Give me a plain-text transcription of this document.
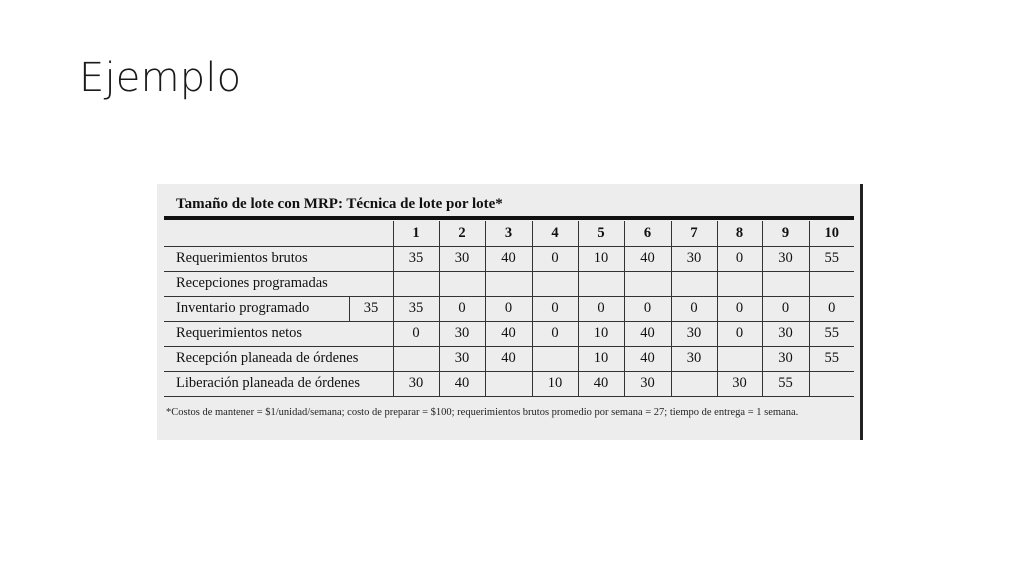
Ejemplo
Tamaño de lote con MRP: Técnica de lote por lote*
		1	2	3	4	5	6	7	8	9	10
Requerimientos brutos		35	30	40	0	10	40	30	0	30	55
Recepciones programadas											
Inventario programado	35	35	0	0	0	0	0	0	0	0	0
Requerimientos netos		0	30	40	0	10	40	30	0	30	55
Recepción planeada de órdenes			30	40		10	40	30		30	55
Liberación planeada de órdenes		30	40		10	40	30		30	55	
*Costos de mantener = $1/unidad/semana; costo de preparar = $100; requerimientos brutos promedio por semana = 27; tiempo de entrega = 1 semana.
